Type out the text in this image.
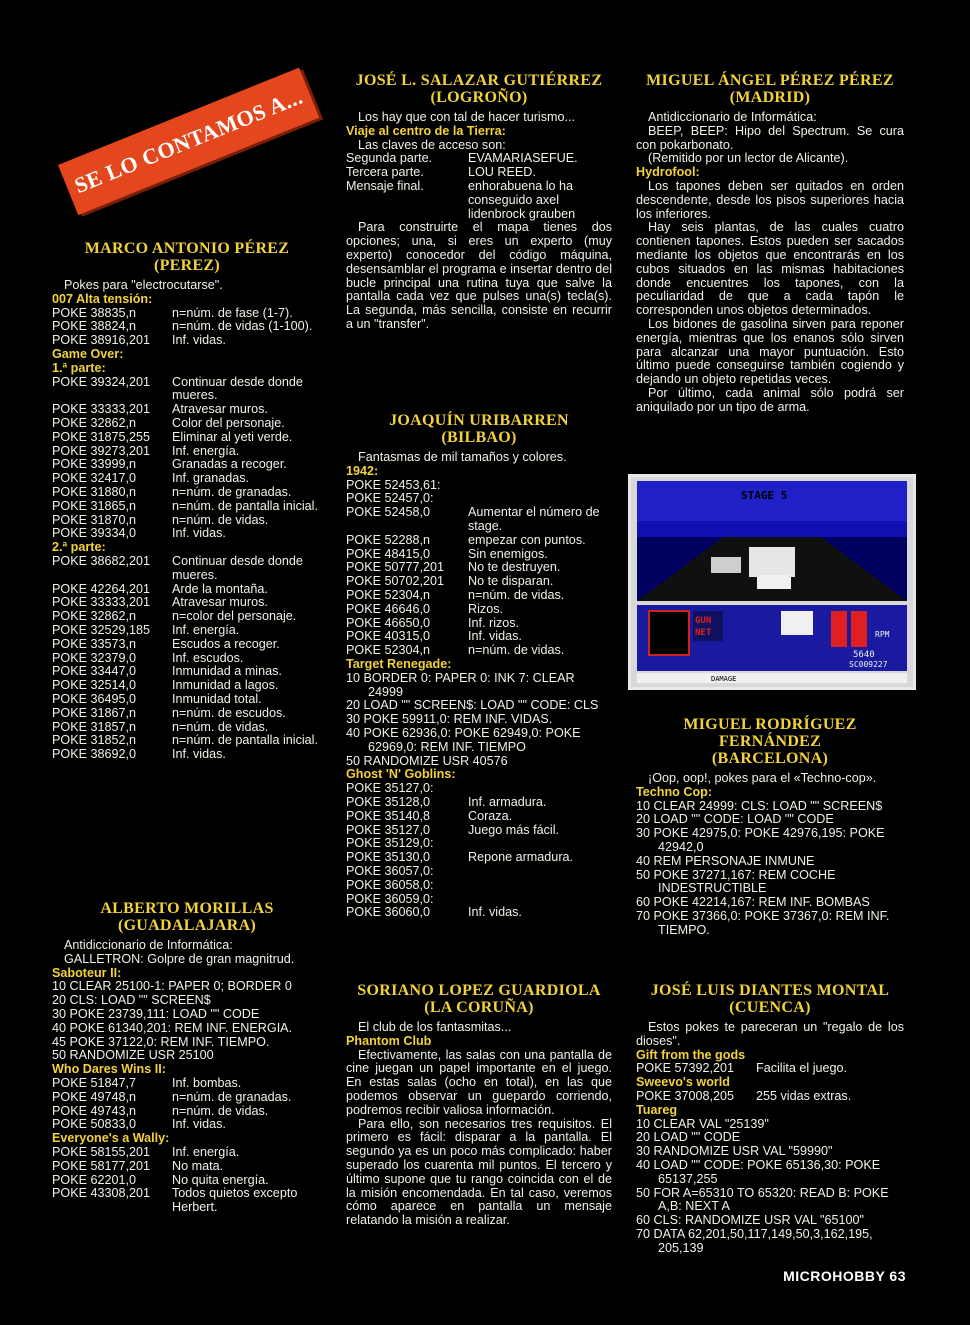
SE LO CONTAMOS A...
MARCO ANTONIO PÉREZ
(PEREZ)

Pokes para "electrocutarse".

007 Alta tensión:

POKE 38835,n	n=núm. de fase (1-7).
POKE 38824,n	n=núm. de vidas (1-100).
POKE 38916,201	Inf. vidas.

Game Over:

1.ª parte:

POKE 39324,201	Continuar desde donde mueres.
POKE 33333,201	Atravesar muros.
POKE 32862,n	Color del personaje.
POKE 31875,255	Eliminar al yeti verde.
POKE 39273,201	Inf. energía.
POKE 33999,n	Granadas a recoger.
POKE 32417,0	Inf. granadas.
POKE 31880,n	n=núm. de granadas.
POKE 31865,n	n=núm. de pantalla inicial.
POKE 31870,n	n=núm. de vidas.
POKE 39334,0	Inf. vidas.

2.ª parte:

POKE 38682,201	Continuar desde donde mueres.
POKE 42264,201	Arde la montaña.
POKE 33333,201	Atravesar muros.
POKE 32862,n	n=color del personaje.
POKE 32529,185	Inf. energía.
POKE 33573,n	Escudos a recoger.
POKE 32379,0	Inf. escudos.
POKE 33447,0	Inmunidad a minas.
POKE 32514,0	Inmunidad a lagos.
POKE 36495,0	Inmunidad total.
POKE 31867,n	n=núm. de escudos.
POKE 31857,n	n=núm. de vidas.
POKE 31852,n	n=núm. de pantalla inicial.
POKE 38692,0	Inf. vidas.
ALBERTO MORILLAS
(GUADALAJARA)

Antidiccionario de Informática:

GALLETRON: Golpre de gran magnitrud.

Saboteur II:

10 CLEAR 25100-1: PAPER 0; BORDER 0
20 CLS: LOAD "" SCREEN$
30 POKE 23739,111: LOAD "" CODE
40 POKE 61340,201: REM INF. ENERGIA.
45 POKE 37122,0: REM INF. TIEMPO.
50 RANDOMIZE USR 25100

Who Dares Wins II:

POKE 51847,7	Inf. bombas.
POKE 49748,n	n=núm. de granadas.
POKE 49743,n	n=núm. de vidas.
POKE 50833,0	Inf. vidas.

Everyone's a Wally:

POKE 58155,201	Inf. energía.
POKE 58177,201	No mata.
POKE 62201,0	No quita energía.
POKE 43308,201	Todos quietos excepto Herbert.
JOSÉ L. SALAZAR GUTIÉRREZ
(LOGROÑO)

Los hay que con tal de hacer turismo...

Viaje al centro de la Tierra:

Las claves de acceso son:

Segunda parte.	EVAMARIASEFUE.
Tercera parte.	LOU REED.
Mensaje final.	enhorabuena lo ha conseguido axel lidenbrock grauben

Para construirte el mapa tienes dos opciones; una, si eres un experto (muy experto) conocedor del código máquina, desensamblar el programa e insertar dentro del bucle principal una rutina tuya que salve la pantalla cada vez que pulses una(s) tecla(s). La segunda, más sencilla, consiste en recurrir a un "transfer".

JOAQUÍN URIBARREN
(BILBAO)

Fantasmas de mil tamaños y colores.

1942:

POKE 52453,61:
POKE 52457,0:
POKE 52458,0	Aumentar el número de stage.
POKE 52288,n	empezar con puntos.
POKE 48415,0	Sin enemigos.
POKE 50777,201	No te destruyen.
POKE 50702,201	No te disparan.
POKE 52304,n	n=núm. de vidas.
POKE 46646,0	Rizos.
POKE 46650,0	Inf. rizos.
POKE 40315,0	Inf. vidas.
POKE 52304,n	n=núm. de vidas.

Target Renegade:

10 BORDER 0: PAPER 0: INK 7: CLEAR 24999
20 LOAD "" SCREEN$: LOAD "" CODE: CLS
30 POKE 59911,0: REM INF. VIDAS.
40 POKE 62936,0: POKE 62949,0: POKE 62969,0: REM INF. TIEMPO
50 RANDOMIZE USR 40576

Ghost 'N' Goblins:

POKE 35127,0:
POKE 35128,0	Inf. armadura.
POKE 35140,8	Coraza.
POKE 35127,0	Juego más fácil.
POKE 35129,0:
POKE 35130,0	Repone armadura.
POKE 36057,0:
POKE 36058,0:
POKE 36059,0:
POKE 36060,0	Inf. vidas.
SORIANO LOPEZ GUARDIOLA
(LA CORUÑA)

El club de los fantasmitas...

Phantom Club

Efectivamente, las salas con una pantalla de cine juegan un papel importante en el juego. En estas salas (ocho en total), en las que podemos observar un guepardo corriendo, podremos recibir valiosa información.

Para ello, son necesarios tres requisitos. El primero es fácil: disparar a la pantalla. El segundo ya es un poco más complicado: haber superado los cuarenta mil puntos. El tercero y último supone que tu rango coincida con el de la misión encomendada. En tal caso, veremos cómo aparece en pantalla un mensaje relatando la misión a realizar.

MIGUEL ÁNGEL PÉREZ PÉREZ
(MADRID)

Antidiccionario de Informática:

BEEP, BEEP: Hipo del Spectrum. Se cura con pokarbonato.

(Remitido por un lector de Alicante).

Hydrofool:

Los tapones deben ser quitados en orden descendente, desde los pisos superiores hacia los inferiores.

Hay seis plantas, de las cuales cuatro contienen tapones. Estos pueden ser sacados mediante los objetos que encontrarás en los cubos situados en las mismas habitaciones donde encuentres los tapones, con la peculiaridad de que a cada tapón le corresponden unos objetos determinados.

Los bidones de gasolina sirven para reponer energía, mientras que los enanos sólo sirven para alcanzar una mayor puntuación. Esto último puede conseguirse también cogiendo y dejando un objeto repetidas veces.

Por último, cada animal sólo podrá ser aniquilado por un tipo de arma.

STAGE 5
GUN
NET	RPM
5640
SC009227
DAMAGE
MIGUEL RODRÍGUEZ FERNÁNDEZ
(BARCELONA)

¡Oop, oop!, pokes para el «Techno-cop».

Techno Cop:

10 CLEAR 24999: CLS: LOAD "" SCREEN$
20 LOAD "" CODE: LOAD "" CODE
30 POKE 42975,0: POKE 42976,195: POKE 42942,0
40 REM PERSONAJE INMUNE
50 POKE 37271,167: REM COCHE INDESTRUCTIBLE
60 POKE 42214,167: REM INF. BOMBAS
70 POKE 37366,0: POKE 37367,0: REM INF. TIEMPO.
JOSÉ LUIS DIANTES MONTAL
(CUENCA)

Estos pokes te pareceran un "regalo de los dioses".

Gift from the gods

POKE 57392,201	Facilita el juego.

Sweevo's world

POKE 37008,205	255 vidas extras.

Tuareg

10 CLEAR VAL "25139"
20 LOAD "" CODE
30 RANDOMIZE USR VAL "59990"
40 LOAD "" CODE: POKE 65136,30: POKE 65137,255
50 FOR A=65310 TO 65320: READ B: POKE A,B: NEXT A
60 CLS: RANDOMIZE USR VAL "65100"
70 DATA 62,201,50,117,149,50,3,162,195, 205,139
MICROHOBBY 63
